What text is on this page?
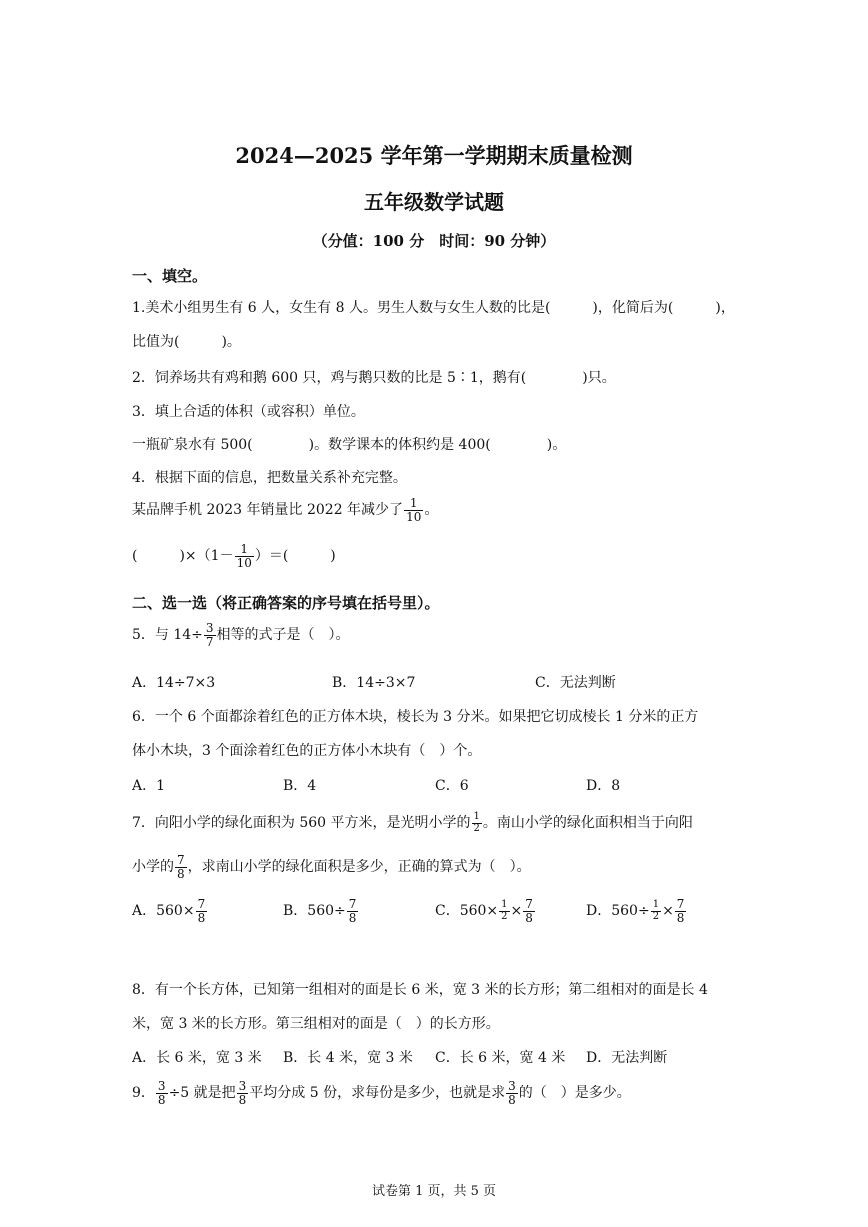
2024—2025 学年第一学期期末质量检测
五年级数学试题
（分值：100 分　时间：90 分钟）
一、填空。
1.美术小组男生有 6 人，女生有 8 人。男生人数与女生人数的比是(　　　)，化简后为(　　　)，
比值为(　　　)。
2．饲养场共有鸡和鹅 600 只，鸡与鹅只数的比是 5∶1，鹅有(　　　　)只。
3．填上合适的体积（或容积）单位。
一瓶矿泉水有 500(　　　　)。数学课本的体积约是 400(　　　　)。
4．根据下面的信息，把数量关系补充完整。
某品牌手机 2023 年销量比 2022 年减少了 $\frac{1}{10}$ 。
(　　　)$\times(1- \frac{1}{10}$ ）＝(　　　)
二、选一选（将正确答案的序号填在括号里）。
5．与 $14\div \frac{3}{7}$ 相等的式子是（　）。
A．14÷7×3	B．14÷3×7	C．无法判断
6．一个 6 个面都涂着红色的正方体木块，棱长为 3 分米。如果把它切成棱长 1 分米的正方
体小木块，3 个面涂着红色的正方体小木块有（　）个。
A．1	B．4	C．6	D．8
7．向阳小学的绿化面积为 560 平方米，是光明小学的 $\frac{1}{2}$ 。南山小学的绿化面积相当于向阳
小学的 $\frac{7}{8}$ ，求南山小学的绿化面积是多少，正确的算式为（　）。
A．$560\times \frac{7}{8}$	B．$560\div \frac{7}{8}$	C．$560\times \frac{1}{2} \times \frac{7}{8}$	D．$560\div \frac{1}{2} \times \frac{7}{8}$
8．有一个长方体，已知第一组相对的面是长 6 米，宽 3 米的长方形；第二组相对的面是长 4
米，宽 3 米的长方形。第三组相对的面是（　）的长方形。
A．长 6 米，宽 3 米 B．长 4 米，宽 3 米 C．长 6 米，宽 4 米 D．无法判断
9． $\frac{3}{8} \div 5$ 就是把 $\frac{3}{8}$ 平均分成 5 份，求每份是多少，也就是求 $\frac{3}{8}$ 的（　）是多少。
试卷第 1 页，共 5 页
